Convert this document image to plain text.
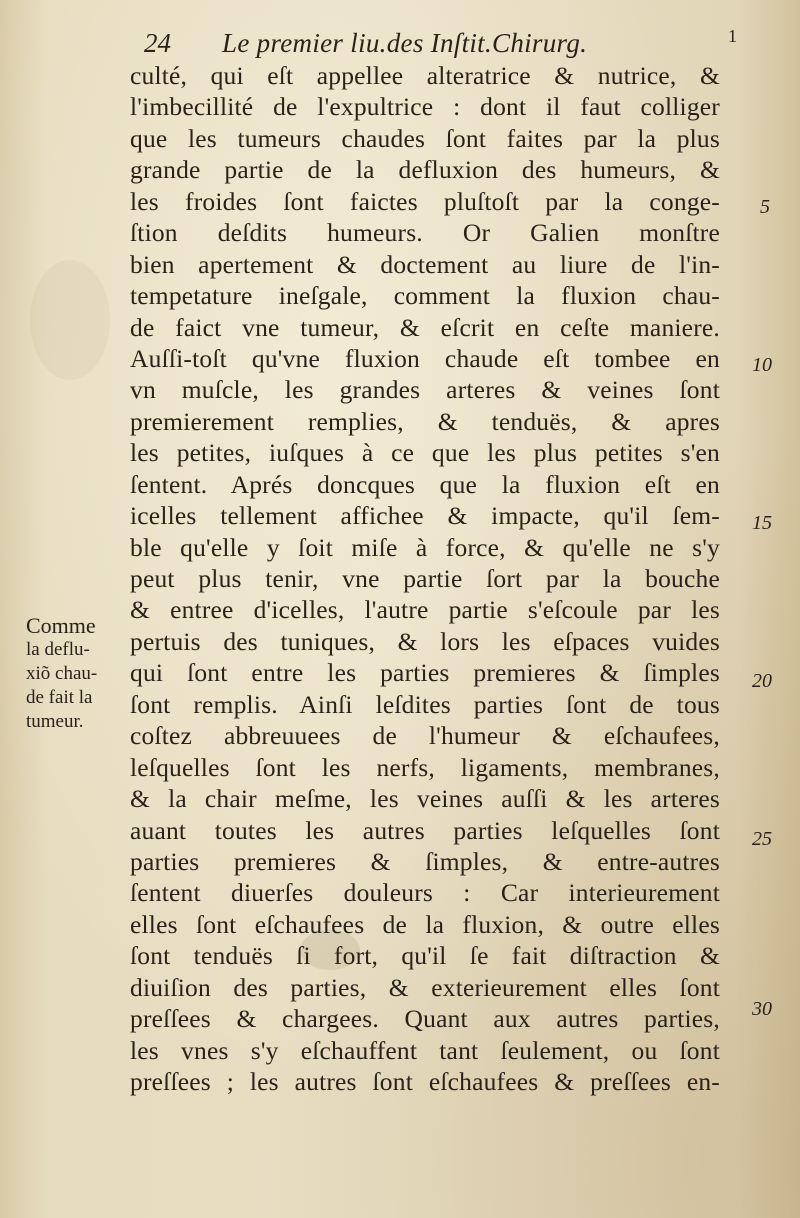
24 Le premier liu.des Inſtit.Chirurg.	1
culté, qui eſt appellee alteratrice & nutrice, &
l'imbecillité de l'expultrice : dont il faut colliger
que les tumeurs chaudes ſont faites par la plus
grande partie de la defluxion des humeurs, &
les froides ſont faictes pluſtoſt par la conge-
ſtion deſdits humeurs. Or Galien monſtre
bien apertement & doctement au liure de l'in-
tempetature ineſgale, comment la fluxion chau-
de faict vne tumeur, & eſcrit en ceſte maniere.
Auſſi-toſt qu'vne fluxion chaude eſt tombee en
vn muſcle, les grandes arteres & veines ſont
premierement remplies, & tenduës, & apres
les petites, iuſques à ce que les plus petites s'en
ſentent. Aprés doncques que la fluxion eſt en
icelles tellement affichee & impacte, qu'il ſem-
ble qu'elle y ſoit miſe à force, & qu'elle ne s'y
peut plus tenir, vne partie ſort par la bouche
& entree d'icelles, l'autre partie s'eſcoule par les
pertuis des tuniques, & lors les eſpaces vuides
qui ſont entre les parties premieres & ſimples
ſont remplis. Ainſi leſdites parties ſont de tous
coſtez abbreuuees de l'humeur & eſchaufees,
leſquelles ſont les nerfs, ligaments, membranes,
& la chair meſme, les veines auſſi & les arteres
auant toutes les autres parties leſquelles ſont
parties premieres & ſimples, & entre-autres
ſentent diuerſes douleurs : Car interieurement
elles ſont eſchaufees de la fluxion, & outre elles
ſont tenduës ſi fort, qu'il ſe fait diſtraction &
diuiſion des parties, & exterieurement elles ſont
preſſees & chargees. Quant aux autres parties,
les vnes s'y eſchauffent tant ſeulement, ou ſont
preſſees ; les autres ſont eſchaufees & preſſees en-
Comme
la deflu-
xiõ chau-
de fait la
tumeur.
5
10
15
20
25
30
